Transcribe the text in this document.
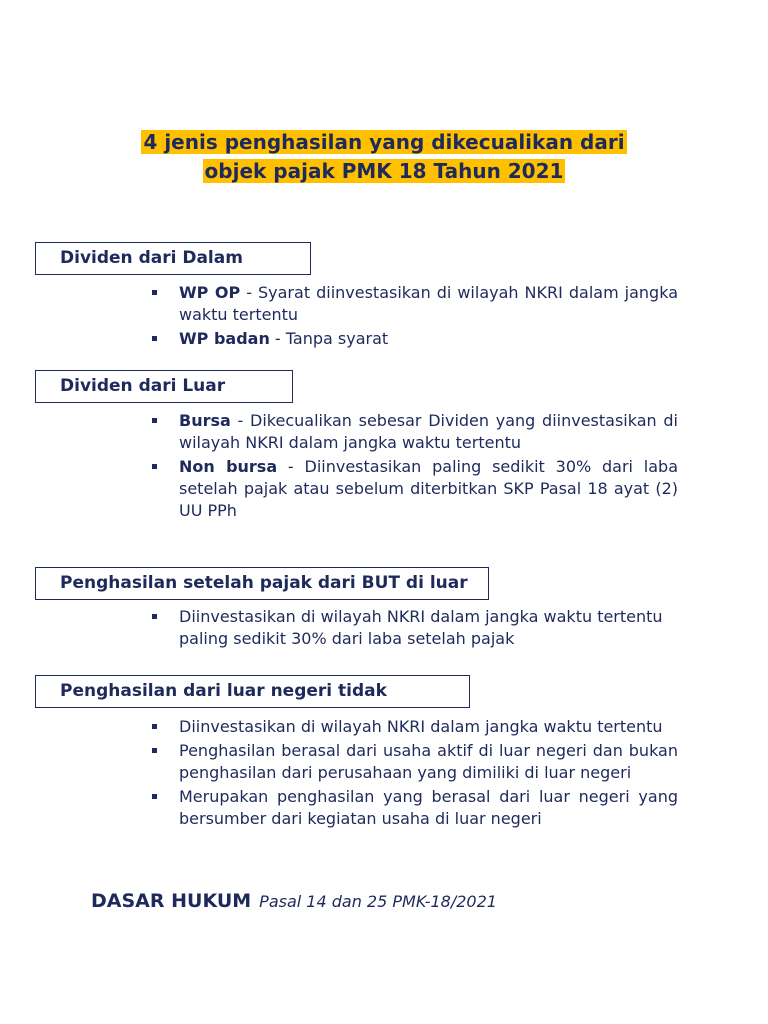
4 jenis penghasilan yang dikecualikan dari
objek pajak PMK 18 Tahun 2021
Dividen dari Dalam
WP OP - Syarat diinvestasikan di wilayah NKRI dalam jangka waktu tertentu
WP badan - Tanpa syarat
Dividen dari Luar
Bursa - Dikecualikan sebesar Dividen yang diinvestasikan di wilayah NKRI dalam jangka waktu tertentu
Non bursa - Diinvestasikan paling sedikit 30% dari laba setelah pajak atau sebelum diterbitkan SKP Pasal 18 ayat (2) UU PPh
Penghasilan setelah pajak dari BUT di luar
Diinvestasikan di wilayah NKRI dalam jangka waktu tertentu paling sedikit 30% dari laba setelah pajak
Penghasilan dari luar negeri tidak
Diinvestasikan di wilayah NKRI dalam jangka waktu tertentu
Penghasilan berasal dari usaha aktif di luar negeri dan bukan penghasilan dari perusahaan yang dimiliki di luar negeri
Merupakan penghasilan yang berasal dari luar negeri yang bersumber dari kegiatan usaha di luar negeri
DASAR HUKUM Pasal 14 dan 25 PMK-18/2021
